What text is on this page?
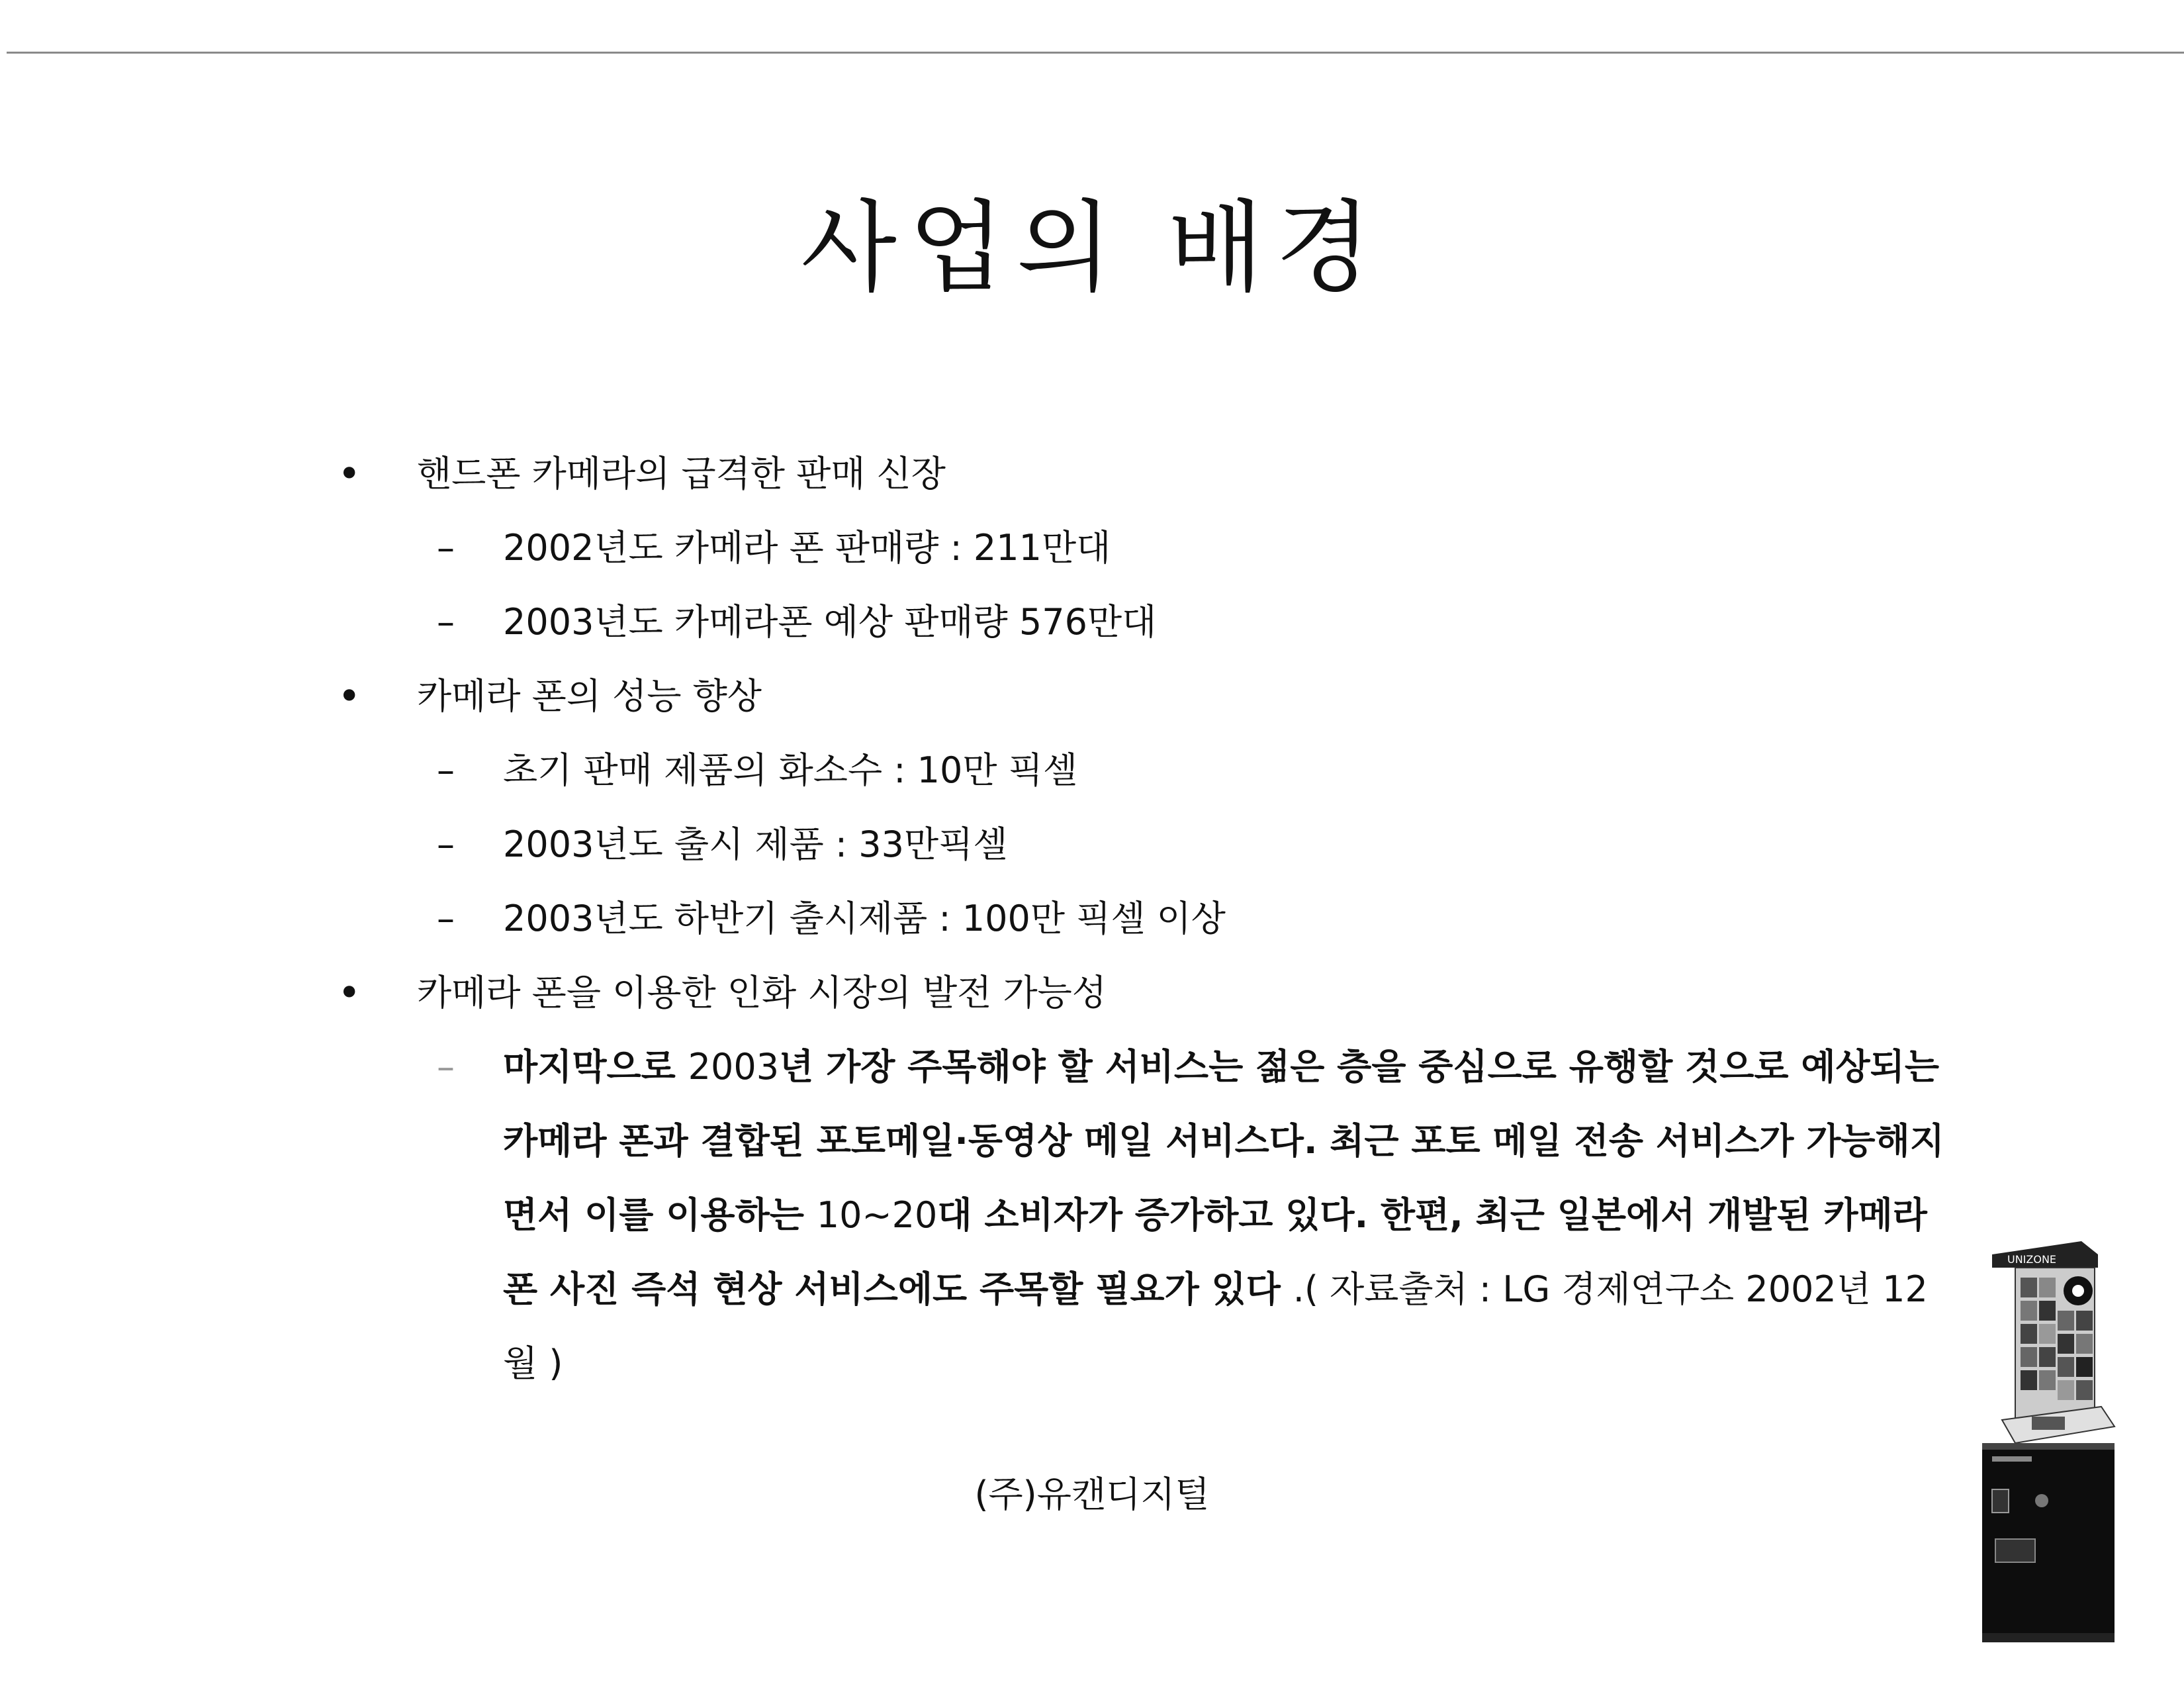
사업의 배경
• 핸드폰 카메라의 급격한 판매 신장
– 2002년도 카메라 폰 판매량 : 211만대
– 2003년도 카메라폰 예상 판매량 576만대
• 카메라 폰의 성능 향상
– 초기 판매 제품의 화소수 : 10만 픽셀
– 2003년도 출시 제품 : 33만픽셀
– 2003년도 하반기 출시제품 : 100만 픽셀 이상
• 카메라 폰을 이용한 인화 시장의 발전 가능성
– 마지막으로 2003년 가장 주목해야 할 서비스는 젊은 층을 중심으로 유행할 것으로 예상되는 카메라 폰과 결합된 포토메일·동영상 메일 서비스다. 최근 포토 메일 전송 서비스가 가능해지면서 이를 이용하는 10~20대 소비자가 증가하고 있다. 한편, 최근 일본에서 개발된 카메라 폰 사진 즉석 현상 서비스에도 주목할 필요가 있다 .( 자료출처 : LG 경제연구소 2002년 12월 )
(주)유캔디지털
UNIZONE
